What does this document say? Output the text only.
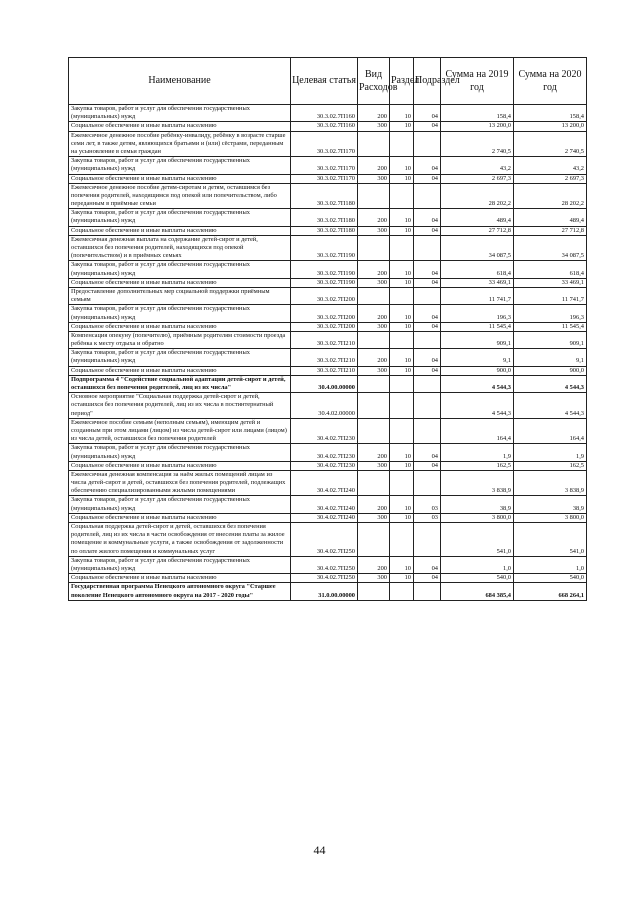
Наименование	Целевая статья	Вид Расходов	Раздел	Подраздел	Сумма на 2019 год	Сумма на 2020 год
Закупка товаров, работ и услуг для обеспечения государственных (муниципальных) нужд	30.3.02.7П160	200	10	04	158,4	158,4
Социальное обеспечение и иные выплаты населению	30.3.02.7П160	300	10	04	13 200,0	13 200,0
Ежемесячное денежное пособие ребёнку-инвалиду, ребёнку в возрасте старше семи лет, в также детям, являющихся братьями и (или) сёстрами, переданным на усыновление в семьи граждан	30.3.02.7П170				2 740,5	2 740,5
Закупка товаров, работ и услуг для обеспечения государственных (муниципальных) нужд	30.3.02.7П170	200	10	04	43,2	43,2
Социальное обеспечение и иные выплаты населению	30.3.02.7П170	300	10	04	2 697,3	2 697,3
Ежемесячное денежное пособие детям-сиротам и детям, оставшимся без попечения родителей, находящимся под опекой или попечительством, либо переданным в приёмные семьи	30.3.02.7П180				28 202,2	28 202,2
Закупка товаров, работ и услуг для обеспечения государственных (муниципальных) нужд	30.3.02.7П180	200	10	04	489,4	489,4
Социальное обеспечение и иные выплаты населению	30.3.02.7П180	300	10	04	27 712,8	27 712,8
Ежемесячная денежная выплата на содержание детей-сирот и детей, оставшихся без попечения родителей, находящихся под опекой (попечительством) и в приёмных семьях	30.3.02.7П190				34 087,5	34 087,5
Закупка товаров, работ и услуг для обеспечения государственных (муниципальных) нужд	30.3.02.7П190	200	10	04	618,4	618,4
Социальное обеспечение и иные выплаты населению	30.3.02.7П190	300	10	04	33 469,1	33 469,1
Предоставление дополнительных мер социальной поддержки приёмным семьям	30.3.02.7П200				11 741,7	11 741,7
Закупка товаров, работ и услуг для обеспечения государственных (муниципальных) нужд	30.3.02.7П200	200	10	04	196,3	196,3
Социальное обеспечение и иные выплаты населению	30.3.02.7П200	300	10	04	11 545,4	11 545,4
Компенсация опекуну (попечителю), приёмным родителям стоимости проезда ребёнка к месту отдыха и обратно	30.3.02.7П210				909,1	909,1
Закупка товаров, работ и услуг для обеспечения государственных (муниципальных) нужд	30.3.02.7П210	200	10	04	9,1	9,1
Социальное обеспечение и иные выплаты населению	30.3.02.7П210	300	10	04	900,0	900,0
Подпрограмма 4 "Содействие социальной адаптации детей-сирот и детей, оставшихся без попечения родителей, лиц из их числа"	30.4.00.00000				4 544,3	4 544,3
Основное мероприятие "Социальная поддержка детей-сирот и детей, оставшихся без попечения родителей, лиц из их числа в постинтернатный период"	30.4.02.00000				4 544,3	4 544,3
Ежемесячное пособие семьям (неполным семьям), имеющим детей и созданным при этом лицами (лицом) из числа детей-сирот или лицами (лицом) из числа детей, оставшихся без попечения родителей	30.4.02.7П230				164,4	164,4
Закупка товаров, работ и услуг для обеспечения государственных (муниципальных) нужд	30.4.02.7П230	200	10	04	1,9	1,9
Социальное обеспечение и иные выплаты населению	30.4.02.7П230	300	10	04	162,5	162,5
Ежемесячная денежная компенсация за наём жилых помещений лицам из числа детей-сирот и детей, оставшихся без попечения родителей, подлежащих обеспечению специализированными жилыми помещениями	30.4.02.7П240				3 838,9	3 838,9
Закупка товаров, работ и услуг для обеспечения государственных (муниципальных) нужд	30.4.02.7П240	200	10	03	38,9	38,9
Социальное обеспечение и иные выплаты населению	30.4.02.7П240	300	10	03	3 800,0	3 800,0
Социальная поддержка детей-сирот и детей, оставшихся без попечения родителей, лиц из их числа в части освобождения от внесения платы за жилое помещение и коммунальные услуги, а также освобождения от задолженности по оплате жилого помещения и коммунальных услуг	30.4.02.7П250				541,0	541,0
Закупка товаров, работ и услуг для обеспечения государственных (муниципальных) нужд	30.4.02.7П250	200	10	04	1,0	1,0
Социальное обеспечение и иные выплаты населению	30.4.02.7П250	300	10	04	540,0	540,0
Государственная программа Ненецкого автономного округа "Старшее поколение Ненецкого автономного округа на 2017 - 2020 годы"	31.0.00.00000				684 385,4	668 264,1
44
